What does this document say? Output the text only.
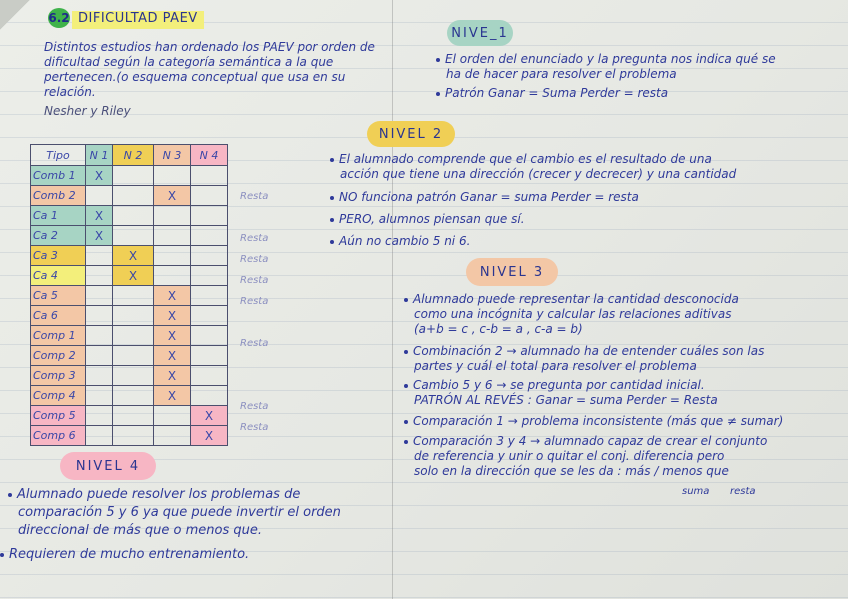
6.2 DIFICULTAD PAEV
Distintos estudios han ordenado los PAEV por orden de
dificultad según la categoría semántica a la que
pertenecen.(o esquema conceptual que usa en su
relación.
Nesher y Riley
Tipo	N 1	N 2	N 3	N 4
Comb 1	X			
Comb 2			X	
Ca 1	X			
Ca 2	X			
Ca 3		X		
Ca 4		X		
Ca 5			X	
Ca 6			X	
Comp 1			X	
Comp 2			X	
Comp 3			X	
Comp 4			X	
Comp 5				X
Comp 6				X
Resta
Resta
Resta
Resta
Resta
Resta
Resta
Resta
NIVE_1
El orden del enunciado y la pregunta nos indica qué se
ha de hacer para resolver el problema
Patrón Ganar = Suma Perder = resta
NIVEL 2
El alumnado comprende que el cambio es el resultado de una
acción que tiene una dirección (crecer y decrecer) y una cantidad
NO funciona patrón Ganar = suma Perder = resta
PERO, alumnos piensan que sí.
Aún no cambio 5 ni 6.
NIVEL 3
Alumnado puede representar la cantidad desconocida
como una incógnita y calcular las relaciones aditivas
(a+b = c , c-b = a , c-a = b)
Combinación 2 → alumnado ha de entender cuáles son las
partes y cuál el total para resolver el problema
Cambio 5 y 6 → se pregunta por cantidad inicial.
PATRÓN AL REVÉS : Ganar = suma Perder = Resta
Comparación 1 → problema inconsistente (más que ≠ sumar)
Comparación 3 y 4 → alumnado capaz de crear el conjunto
de referencia y unir o quitar el conj. diferencia pero
solo en la dirección que se les da : más / menos que
suma resta
NIVEL 4
Alumnado puede resolver los problemas de
comparación 5 y 6 ya que puede invertir el orden
direccional de más que o menos que.
Requieren de mucho entrenamiento.
